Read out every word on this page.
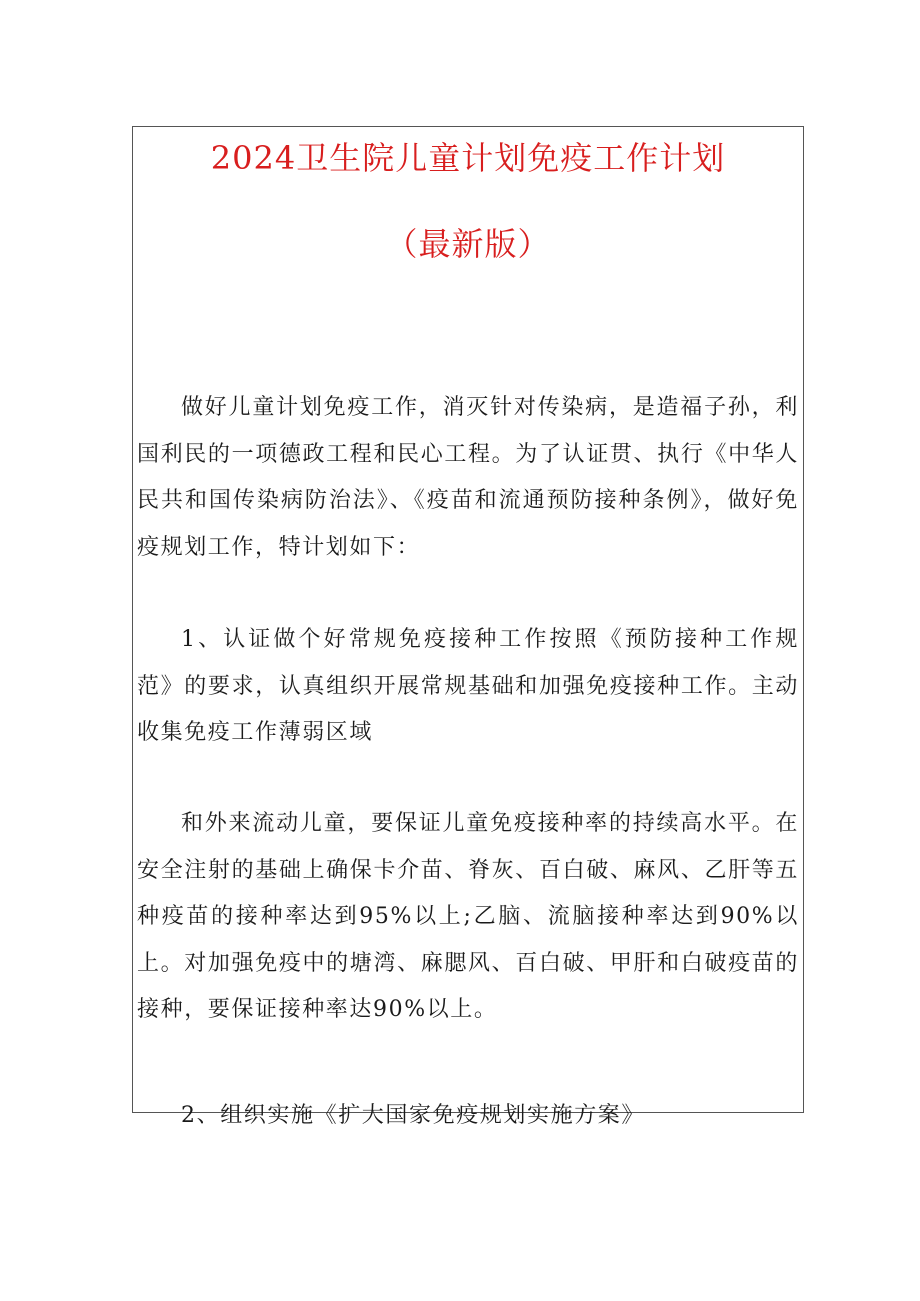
2024卫生院儿童计划免疫工作计划
（最新版）

做好儿童计划免疫工作，消灭针对传染病，是造福子孙，利国利民的一项德政工程和民心工程。为了认证贯、执行《中华人民共和国传染病防治法》、《疫苗和流通预防接种条例》，做好免疫规划工作，特计划如下：

1、认证做个好常规免疫接种工作按照《预防接种工作规范》的要求，认真组织开展常规基础和加强免疫接种工作。主动收集免疫工作薄弱区域

和外来流动儿童，要保证儿童免疫接种率的持续高水平。在安全注射的基础上确保卡介苗、脊灰、百白破、麻风、乙肝等五种疫苗的接种率达到95%以上;乙脑、流脑接种率达到90%以上。对加强免疫中的塘湾、麻腮风、百白破、甲肝和白破疫苗的接种，要保证接种率达90%以上。

2、组织实施《扩大国家免疫规划实施方案》
